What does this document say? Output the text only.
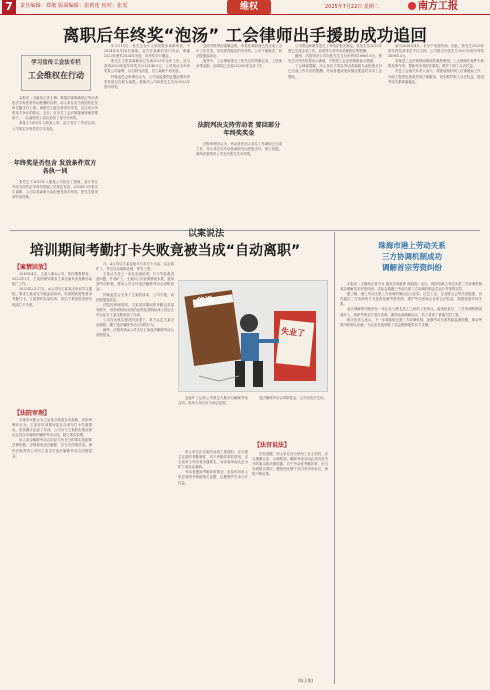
7	责任编辑：郑敏 版面编辑：张莉莲 校对：张雯	维权	2025年7月22日 星期二	南方工报
离职后年终奖“泡汤” 工会律师出手援助成功追回
学习宣传工会法专栏
工会维权在行动

本报讯（全媒体记者王梅）我国法律明确规定劳动者依法享有获得劳动报酬的权利，用人单位应当按照约定及时足额支付工资。离职员工能否获得年终奖，往往成为劳资双方争议的焦点。近日，在市总工会法律援助律师的帮助下，一名离职员工成功追回了部分年终奖。

李某于2015年入职某公司，双方签订了劳动合同。公司规定年终奖在次年发放。

年终奖是否包含 发放条件双方各执一词

张先生于2015年入职某公司担任工程师，双方签订劳动合同约定年终奖按照公司规定发放。2024年3月张先生离职，公司以其离职为由拒绝发放年终奖，张先生遂申请劳动仲裁。

年3月15日，张先生在个人原因提出离职申请，于2024年4月16日离职。双方在离职时签订协议，明确2023年度奖2024年发放，年终奖另行确定。

张先生主张其离职前已完成2023年全年工作，应当获得2023年度年终奖共计25146.5元，公司则认为年终奖系公司福利，以在职为前提，员工离职不再发放。

仲裁委员会审理后认为，公司未能提供证据证明年终奖发放以在职为前提，遂裁决公司向张先生支付2023年度年终奖。

业绩考核等因素确定的，李某在离职前已经完成了全年工作任务，有权获得相应的年终奖。公司不服裁决，向法院提起诉讼。

庭审中，工会律师提交了张先生的考勤记录、工资流水等证据，证明其已完成2023年度全部工作。

法院判决支持劳动者 要回部分年终奖奖金

法院审理后认为，劳动者在用人单位工作期间已完成工作，用人单位以劳动者离职为由拒绝支付，缺乏依据。最终法院判决公司支付张先生年终奖。

公司的这种做法违反了劳动法相关规定。张先生在2023年度已完成全部工作，应获得与其劳动贡献相应的报酬。

最终，法院判决公司向张先生支付年终奖16965.5元。张先生对判决结果表示满意，专程到工会送来锦旗表示感谢。

工会律师提醒，用人单位不得以劳动者离职为由拒绝支付已完成工作对应的报酬，劳动者遇到类似情况要及时寻求工会帮助。

间为2024年4月，未早于发放时间。因此，张先生2023年度年终奖请求应予以支持。公司需支付张先生2023年度年终奖16965.5元。

本案是工会法律援助维权的典型案例。工会律师在案件中积极发挥作用，帮助劳动者依法维权，维护了职工合法权益。

市总工会相关负责人表示，将继续做好职工法律援助工作，为职工提供优质高效的法律服务，切实维护职工合法权益，促进劳动关系和谐稳定。

以案说法
培训期间考勤打卡失败竟被当成“自动离职”
【案情回放】

2016年4月，王某入职A公司，担任销售职务。2023年1月，王某的领导要求王某全面负责品牌活动推广工作。

2023年2月27日，A公司向王某发出培训学习通知，要求王某前往外地参加培训，培训期间需按要求考勤打卡。王某按时参加培训，但由于系统原因部分时段打卡失败。

【法院审理】

本案争议焦点为王某是否构成自动离职。法院审理后认为，王某在培训期间虽存在部分打卡失败情况，但其确实参加了培训，公司未与王某核实情况即认定其自动离职并解除劳动合同，缺乏事实依据。

用人单位解除劳动合同应当有充分的事实依据和法律依据，否则构成违法解除，应当支付赔偿金。最终法院判决公司向王某支付违法解除劳动合同赔偿金。

月，A公司以王某连续多日未打卡为由，认定其旷工，并以自动离职处理，停发工资。

王某认为自己一直在参加培训，打卡失败系设备问题，并非旷工。王某向公司说明情况未果，遂申请劳动仲裁，要求公司支付违法解除劳动合同赔偿金。

仲裁委员会支持了王某的请求，公司不服，向法院提起诉讼。

法院经审理查明，王某培训期间的考勤记录虽有缺失，但培训机构出具的证明及同期参训人员证言可以证实王某全程参加了培训。

公司在未核实情况的前提下，单方认定王某自动离职，属于违法解除劳动合同的行为。

最终，法院判决A公司支付王某违法解除劳动合同赔偿金。

辞退
失业了

连续旷工达到公司规定天数可以解除劳动合同，但用人单位应当举证证明。

违法解除劳动合同赔偿金，公司应依法支付。

【法官说法】

用人单位在实施劳动用工管理时，应当建立完善的考勤制度，对于考勤异常的情况，应当及时与劳动者沟通核实，而非简单地认定为旷工或自动离职。

劳动者遇到考勤异常情况，应及时向用人单位说明并保留相关证据，以便维护自身合法权益。

法官提醒，用人单位在行使用工自主权时，应当遵循合法、合理原则，解除劳动合同必须具有充分的事实和法律依据。对于劳动者考勤异常，应当全面核实情况，避免因处理不当引发劳动争议，承担不利后果。

(陈玉敏)
珠海市港上劳动关系
三方协调机制成功
调解首宗劳资纠纷

本报讯（全媒体记者马为 通讯员李新婷 林碧莲）近日，珠海市港上劳动关系三方协调机制成功调解首宗劳资纠纷，这标志着港上劳动关系三方协调机制正式运行并发挥实效。

据了解，港上劳动关系三方协调机制由区人社局、区总工会、企业联合会等共同组建，旨在通过三方协商的方式及时化解劳资纠纷，维护劳动者和企业的合法权益，构建和谐劳动关系。

此次调解的纠纷涉及一家企业与数名员工之间的工资争议。接到投诉后，三方协调机制迅速介入，组织劳资双方进行协商，最终达成调解协议，员工拿到了被拖欠的工资。

相关负责人表示，下一步将继续完善三方协调机制，加强劳动关系风险监测预警，推动劳资纠纷源头化解，为企业发展和职工权益保障提供有力支撑。
